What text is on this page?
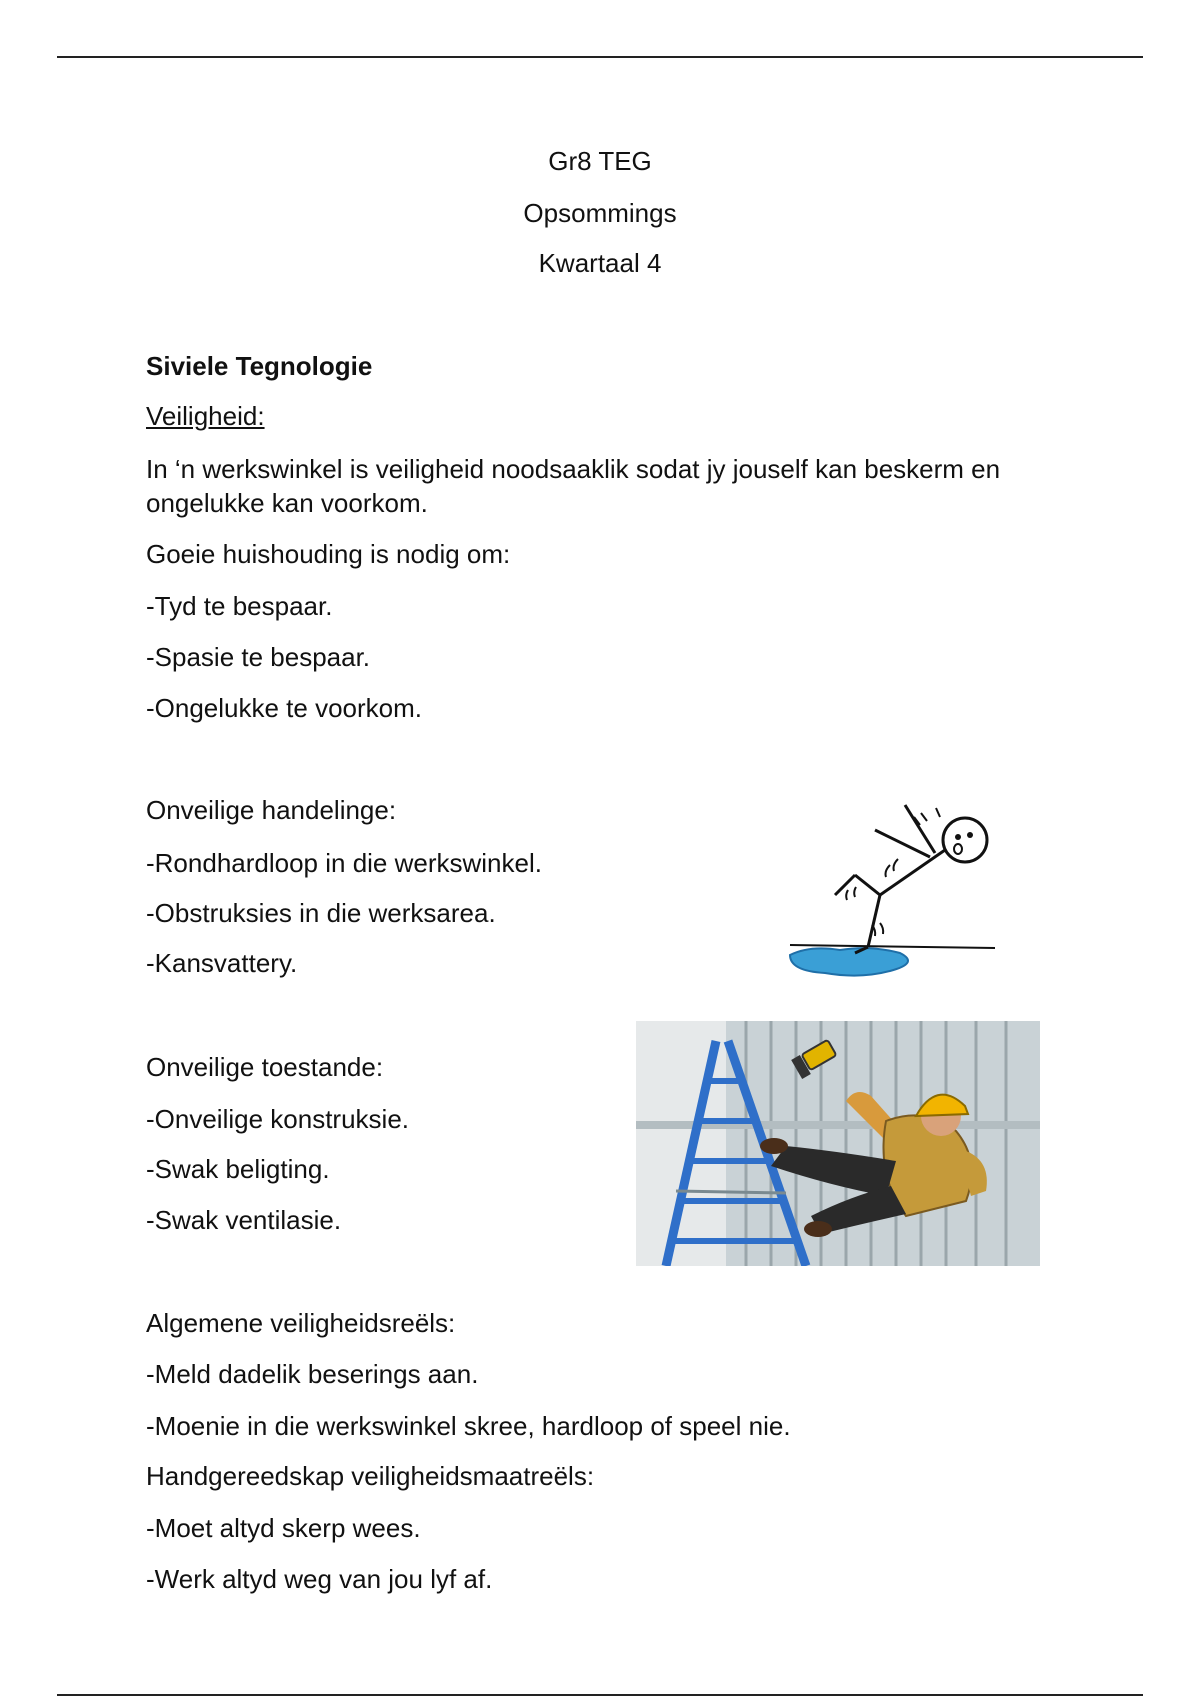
Gr8 TEG
Opsommings
Kwartaal 4
Siviele Tegnologie
Veiligheid:
In ‘n werkswinkel is veiligheid noodsaaklik sodat jy jouself kan beskerm en ongelukke kan voorkom.
Goeie huishouding is nodig om:
-Tyd te bespaar.
-Spasie te bespaar.
-Ongelukke te voorkom.
Onveilige handelinge:
-Rondhardloop in die werkswinkel.
-Obstruksies in die werksarea.
-Kansvattery.
Onveilige toestande:
-Onveilige konstruksie.
-Swak beligting.
-Swak ventilasie.
Algemene veiligheidsreëls:
-Meld dadelik beserings aan.
-Moenie in die werkswinkel skree, hardloop of speel nie.
Handgereedskap veiligheidsmaatreëls:
-Moet altyd skerp wees.
-Werk altyd weg van jou lyf af.
